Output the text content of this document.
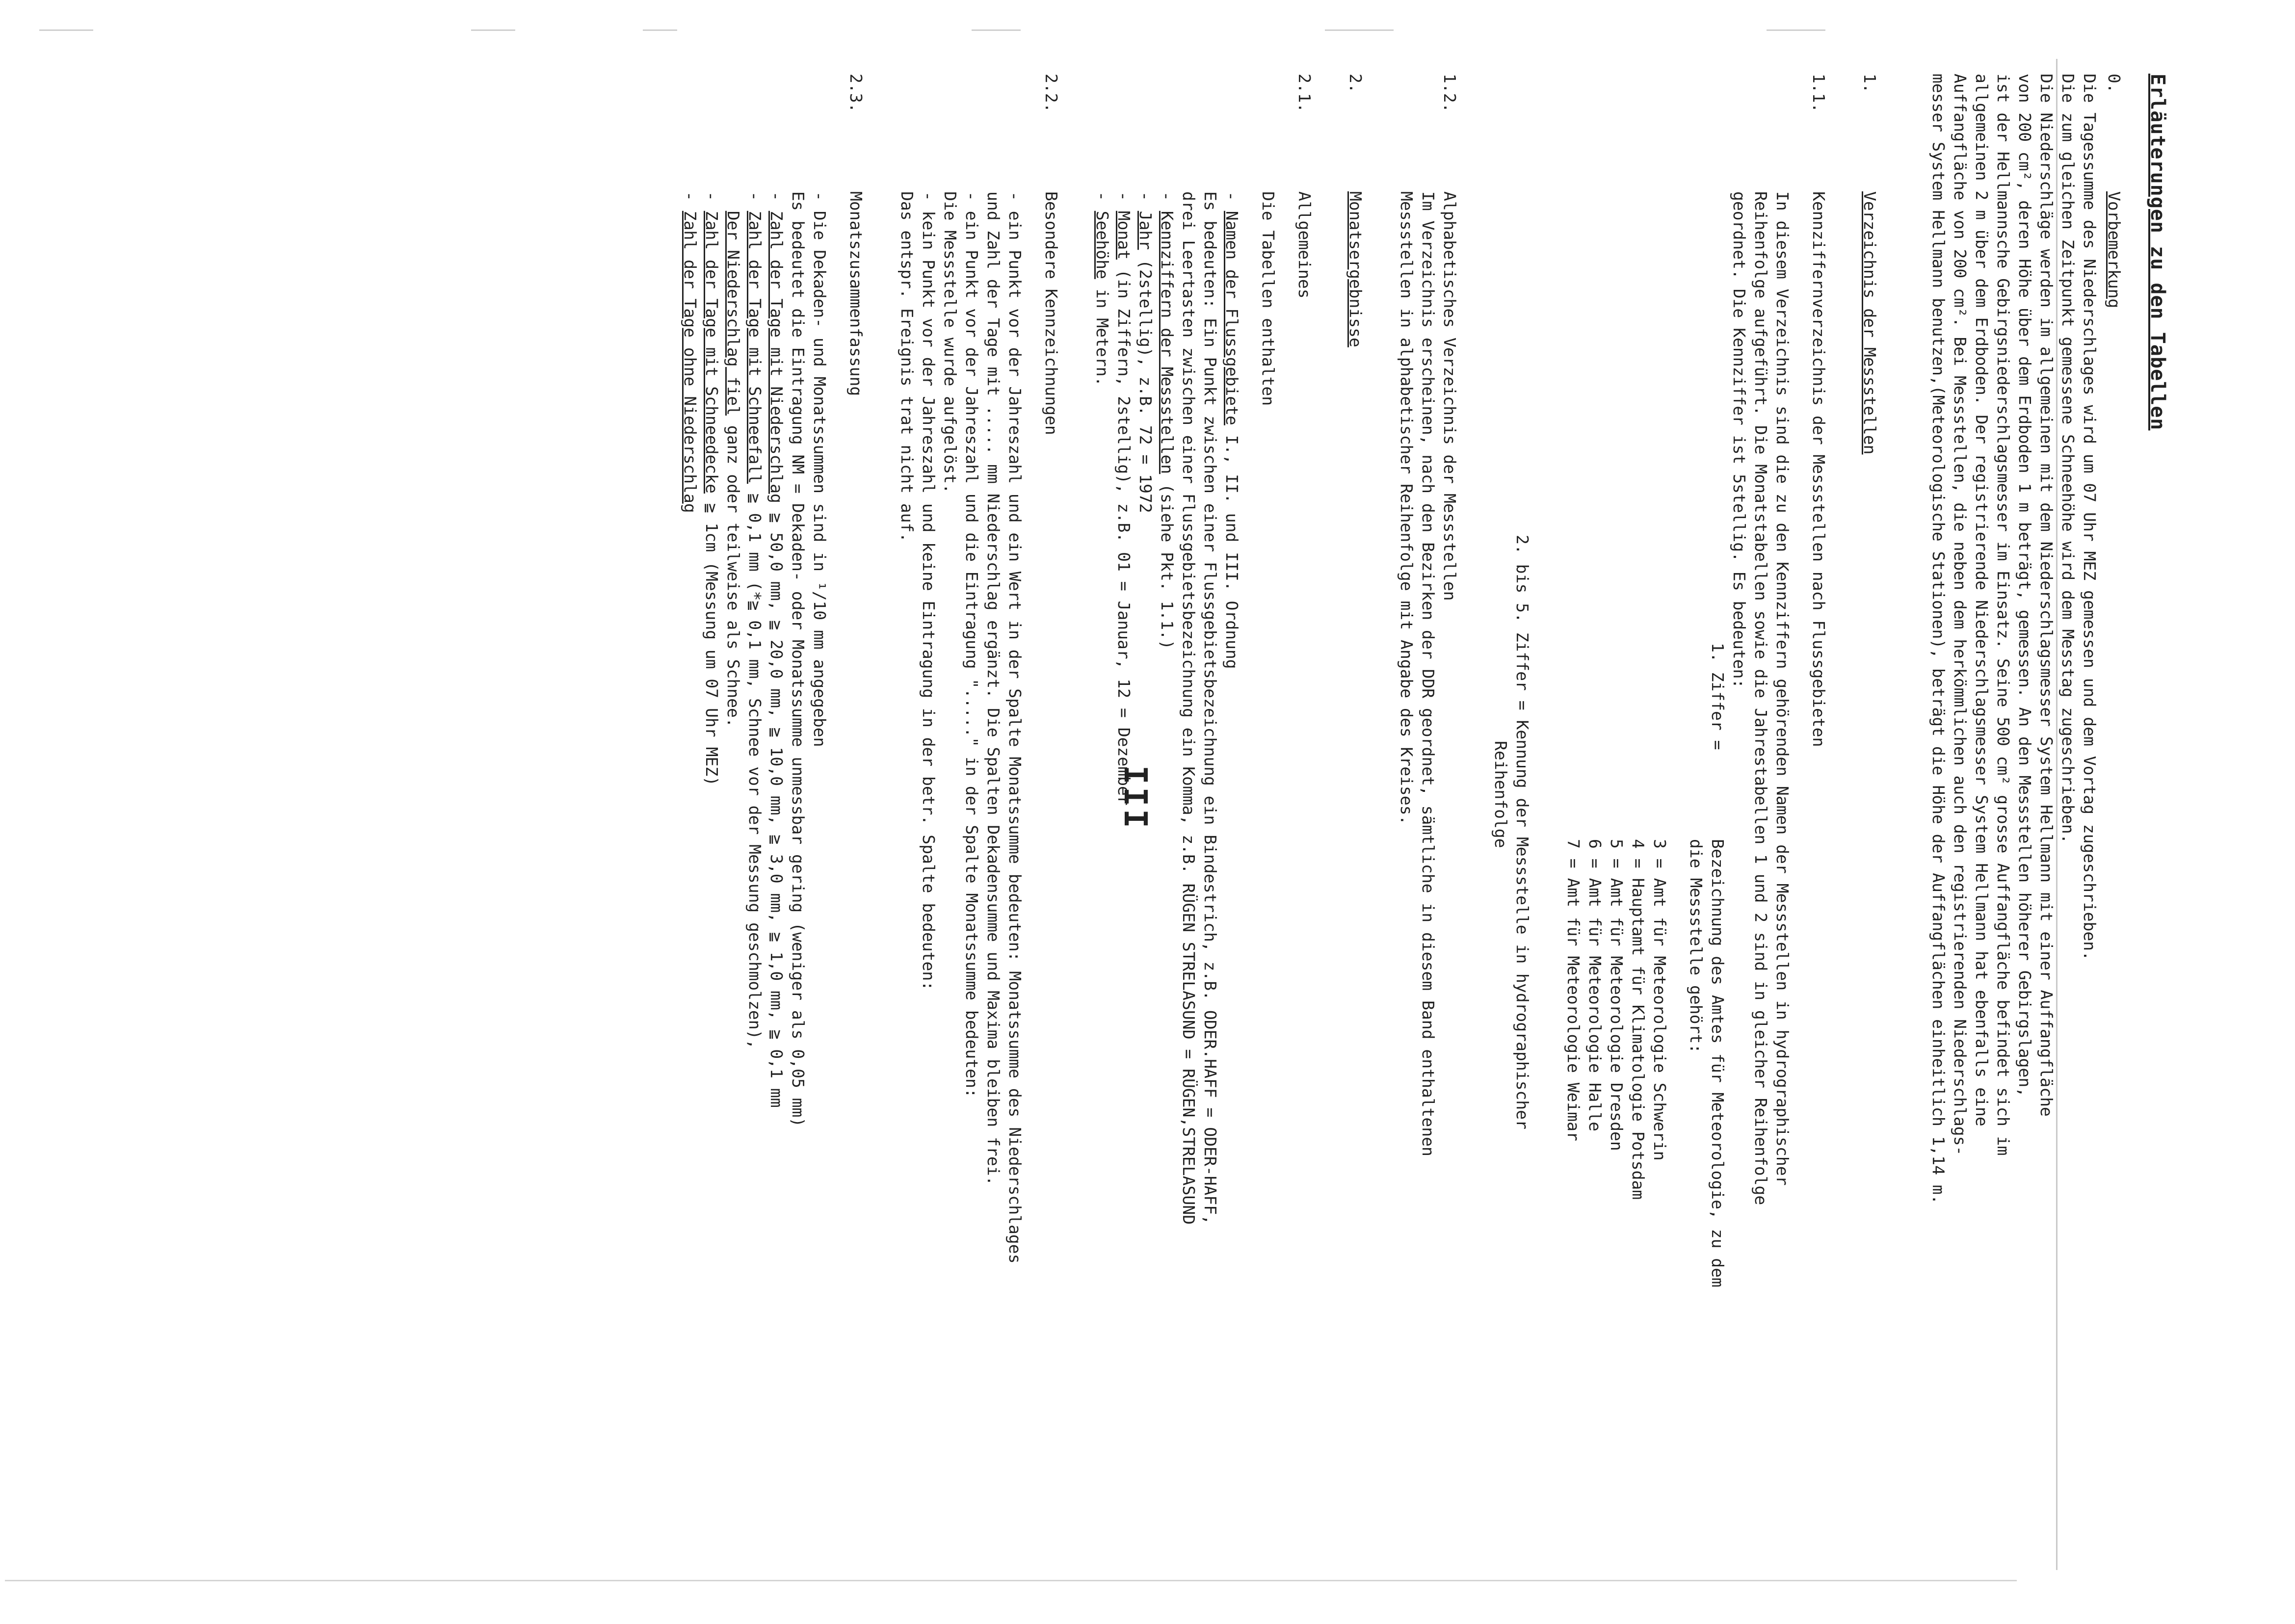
Erläuterungen zu den Tabellen
III
0.
Vorbemerkung
Die Tagessumme des Niederschlages wird um 07 Uhr MEZ gemessen und dem Vortag zugeschrieben.
Die zum gleichen Zeitpunkt gemessene Schneehöhe wird dem Messtag zugeschrieben.
Die Niederschläge werden im allgemeinen mit dem Niederschlagsmesser System Hellmann mit einer Auffangfläche
von 200 cm², deren Höhe über dem Erdboden 1 m beträgt, gemessen. An den Messstellen höherer Gebirgslagen,
ist der Hellmannsche Gebirgsniederschlagsmesser im Einsatz. Seine 500 cm² grosse Auffangfläche befindet sich im
allgemeinen 2 m über dem Erdboden. Der registrierende Niederschlagsmesser System Hellmann hat ebenfalls eine
Auffangfläche von 200 cm². Bei Messstellen, die neben dem herkömmlichen auch den registrierenden Niederschlags-
messer System Hellmann benutzen,(Meteorologische Stationen), beträgt die Höhe der Auffangflächen einheitlich 1,14 m.
1.
Verzeichnis der Messstellen
1.1.
Kennziffernverzeichnis der Messstellen nach Flussgebieten
In diesem Verzeichnis sind die zu den Kennziffern gehörenden Namen der Messstellen in hydrographischer
Reihenfolge aufgeführt. Die Monatstabellen sowie die Jahrestabellen 1 und 2 sind in gleicher Reihenfolge
geordnet. Die Kennziffer ist 5stellig. Es bedeuten:
1. Ziffer =
Bezeichnung des Amtes für Meteorologie, zu dem
die Messstelle gehört:
3 = Amt für Meteorologie Schwerin
4 = Hauptamt für Klimatologie Potsdam
5 = Amt für Meteorologie Dresden
6 = Amt für Meteorologie Halle
7 = Amt für Meteorologie Weimar
2. bis 5. Ziffer = Kennung der Messstelle in hydrographischer
Reihenfolge
1.2.
Alphabetisches Verzeichnis der Messstellen
Im Verzeichnis erscheinen, nach den Bezirken der DDR geordnet, sämtliche in diesem Band enthaltenen
Messstellen in alphabetischer Reihenfolge mit Angabe des Kreises.
2.
Monatsergebnisse
2.1.
Allgemeines
Die Tabellen enthalten
- Namen der Flussgebiete I., II. und III. Ordnung
Es bedeuten: Ein Punkt zwischen einer Flussgebietsbezeichnung ein Bindestrich, z.B. ODER.HAFF = ODER-HAFF,
drei Leertasten zwischen einer Flussgebietsbezeichnung ein Komma, z.B. RÜGEN STRELASUND = RÜGEN,STRELASUND
- Kennziffern der Messstellen (siehe Pkt. 1.1.)
- Jahr (2stellig), z.B. 72 = 1972
- Monat (in Ziffern, 2stellig), z.B. 01 = Januar, 12 = Dezember
- Seehöhe in Metern.
2.2.
Besondere Kennzeichnungen
- ein Punkt vor der Jahreszahl und ein Wert in der Spalte Monatssumme bedeuten: Monatssumme des Niederschlages
und Zahl der Tage mit ..... mm Niederschlag ergänzt. Die Spalten Dekadensumme und Maxima bleiben frei.
- ein Punkt vor der Jahreszahl und die Eintragung "....." in der Spalte Monatssumme bedeuten:
Die Messstelle wurde aufgelöst.
- kein Punkt vor der Jahreszahl und keine Eintragung in der betr. Spalte bedeuten:
Das entspr. Ereignis trat nicht auf.
2.3.
Monatszusammenfassung
- Die Dekaden- und Monatssummen sind in ¹/10 mm angegeben
Es bedeutet die Eintragung NM = Dekaden- oder Monatssumme unmessbar gering (weniger als 0,05 mm)
- Zahl der Tage mit Niederschlag ≧ 50,0 mm, ≧ 20,0 mm, ≧ 10,0 mm, ≧ 3,0 mm, ≧ 1,0 mm, ≧ 0,1 mm
- Zahl der Tage mit Schneefall ≧ 0,1 mm (*≧ 0,1 mm, Schnee vor der Messung geschmolzen),
Der Niederschlag fiel ganz oder teilweise als Schnee.
- Zahl der Tage mit Schneedecke ≧ 1cm (Messung um 07 Uhr MEZ)
- Zahl der Tage ohne Niederschlag
